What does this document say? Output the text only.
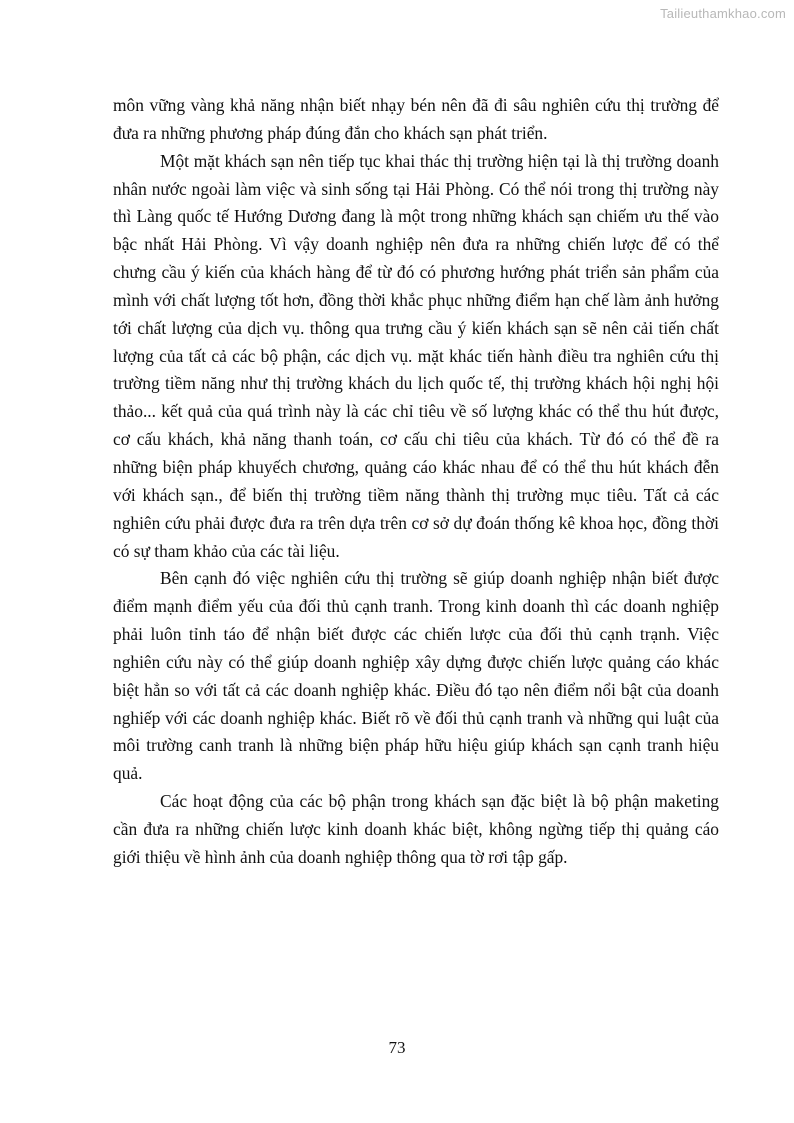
Tailieuthamkhao.com

môn vững vàng khả năng nhận biết nhạy bén nên đã đi sâu nghiên cứu thị trường để đưa ra những phương pháp đúng đắn cho khách sạn phát triển.

Một mặt khách sạn nên tiếp tục khai thác thị trường hiện tại là thị trường doanh nhân nước ngoài làm việc và sinh sống tại Hải Phòng. Có thể nói trong thị trường này thì Làng quốc tế Hướng Dương đang là một trong những khách sạn chiếm ưu thế vào bậc nhất Hải Phòng. Vì vậy doanh nghiệp nên đưa ra những chiến lược để có thể chưng cầu ý kiến của khách hàng để từ đó có phương hướng phát triển sản phẩm của mình với chất lượng tốt hơn, đồng thời khắc phục những điểm hạn chế làm ảnh hưởng tới chất lượng của dịch vụ. thông qua trưng cầu ý kiến khách sạn sẽ nên cải tiến chất lượng của tất cả các bộ phận, các dịch vụ. mặt khác tiến hành điều tra nghiên cứu thị trường tiềm năng như thị trường khách du lịch quốc tế, thị trường khách hội nghị hội thảo... kết quả của quá trình này là các chỉ tiêu về số lượng khác có thể thu hút được, cơ cấu khách, khả năng thanh toán, cơ cấu chi tiêu của khách. Từ đó có thể đề ra những biện pháp khuyếch chương, quảng cáo khác nhau để có thể thu hút khách đễn với khách sạn., để biến thị trường tiềm năng thành thị trường mục tiêu. Tất cả các nghiên cứu phải được đưa ra trên dựa trên cơ sở dự đoán thống kê khoa học, đồng thời có sự tham khảo của các tài liệu.

Bên cạnh đó việc nghiên cứu thị trường sẽ giúp doanh nghiệp nhận biết được điểm mạnh điểm yếu của đối thủ cạnh tranh. Trong kinh doanh thì các doanh nghiệp phải luôn tỉnh táo để nhận biết được các chiến lược của đối thủ cạnh trạnh. Việc nghiên cứu này có thể giúp doanh nghiệp xây dựng được chiến lược quảng cáo khác biệt hẳn so với tất cả các doanh nghiệp khác. Điều đó tạo nên điểm nổi bật của doanh nghiếp với các doanh nghiệp khác. Biết rõ về đối thủ cạnh tranh và những qui luật của môi trường canh tranh là những biện pháp hữu hiệu giúp khách sạn cạnh tranh hiệu quả.

Các hoạt động của các bộ phận trong khách sạn đặc biệt là bộ phận maketing cần đưa ra những chiến lược kinh doanh khác biệt, không ngừng tiếp thị quảng cáo giới thiệu về hình ảnh của doanh nghiệp thông qua tờ rơi tập gấp.

73
